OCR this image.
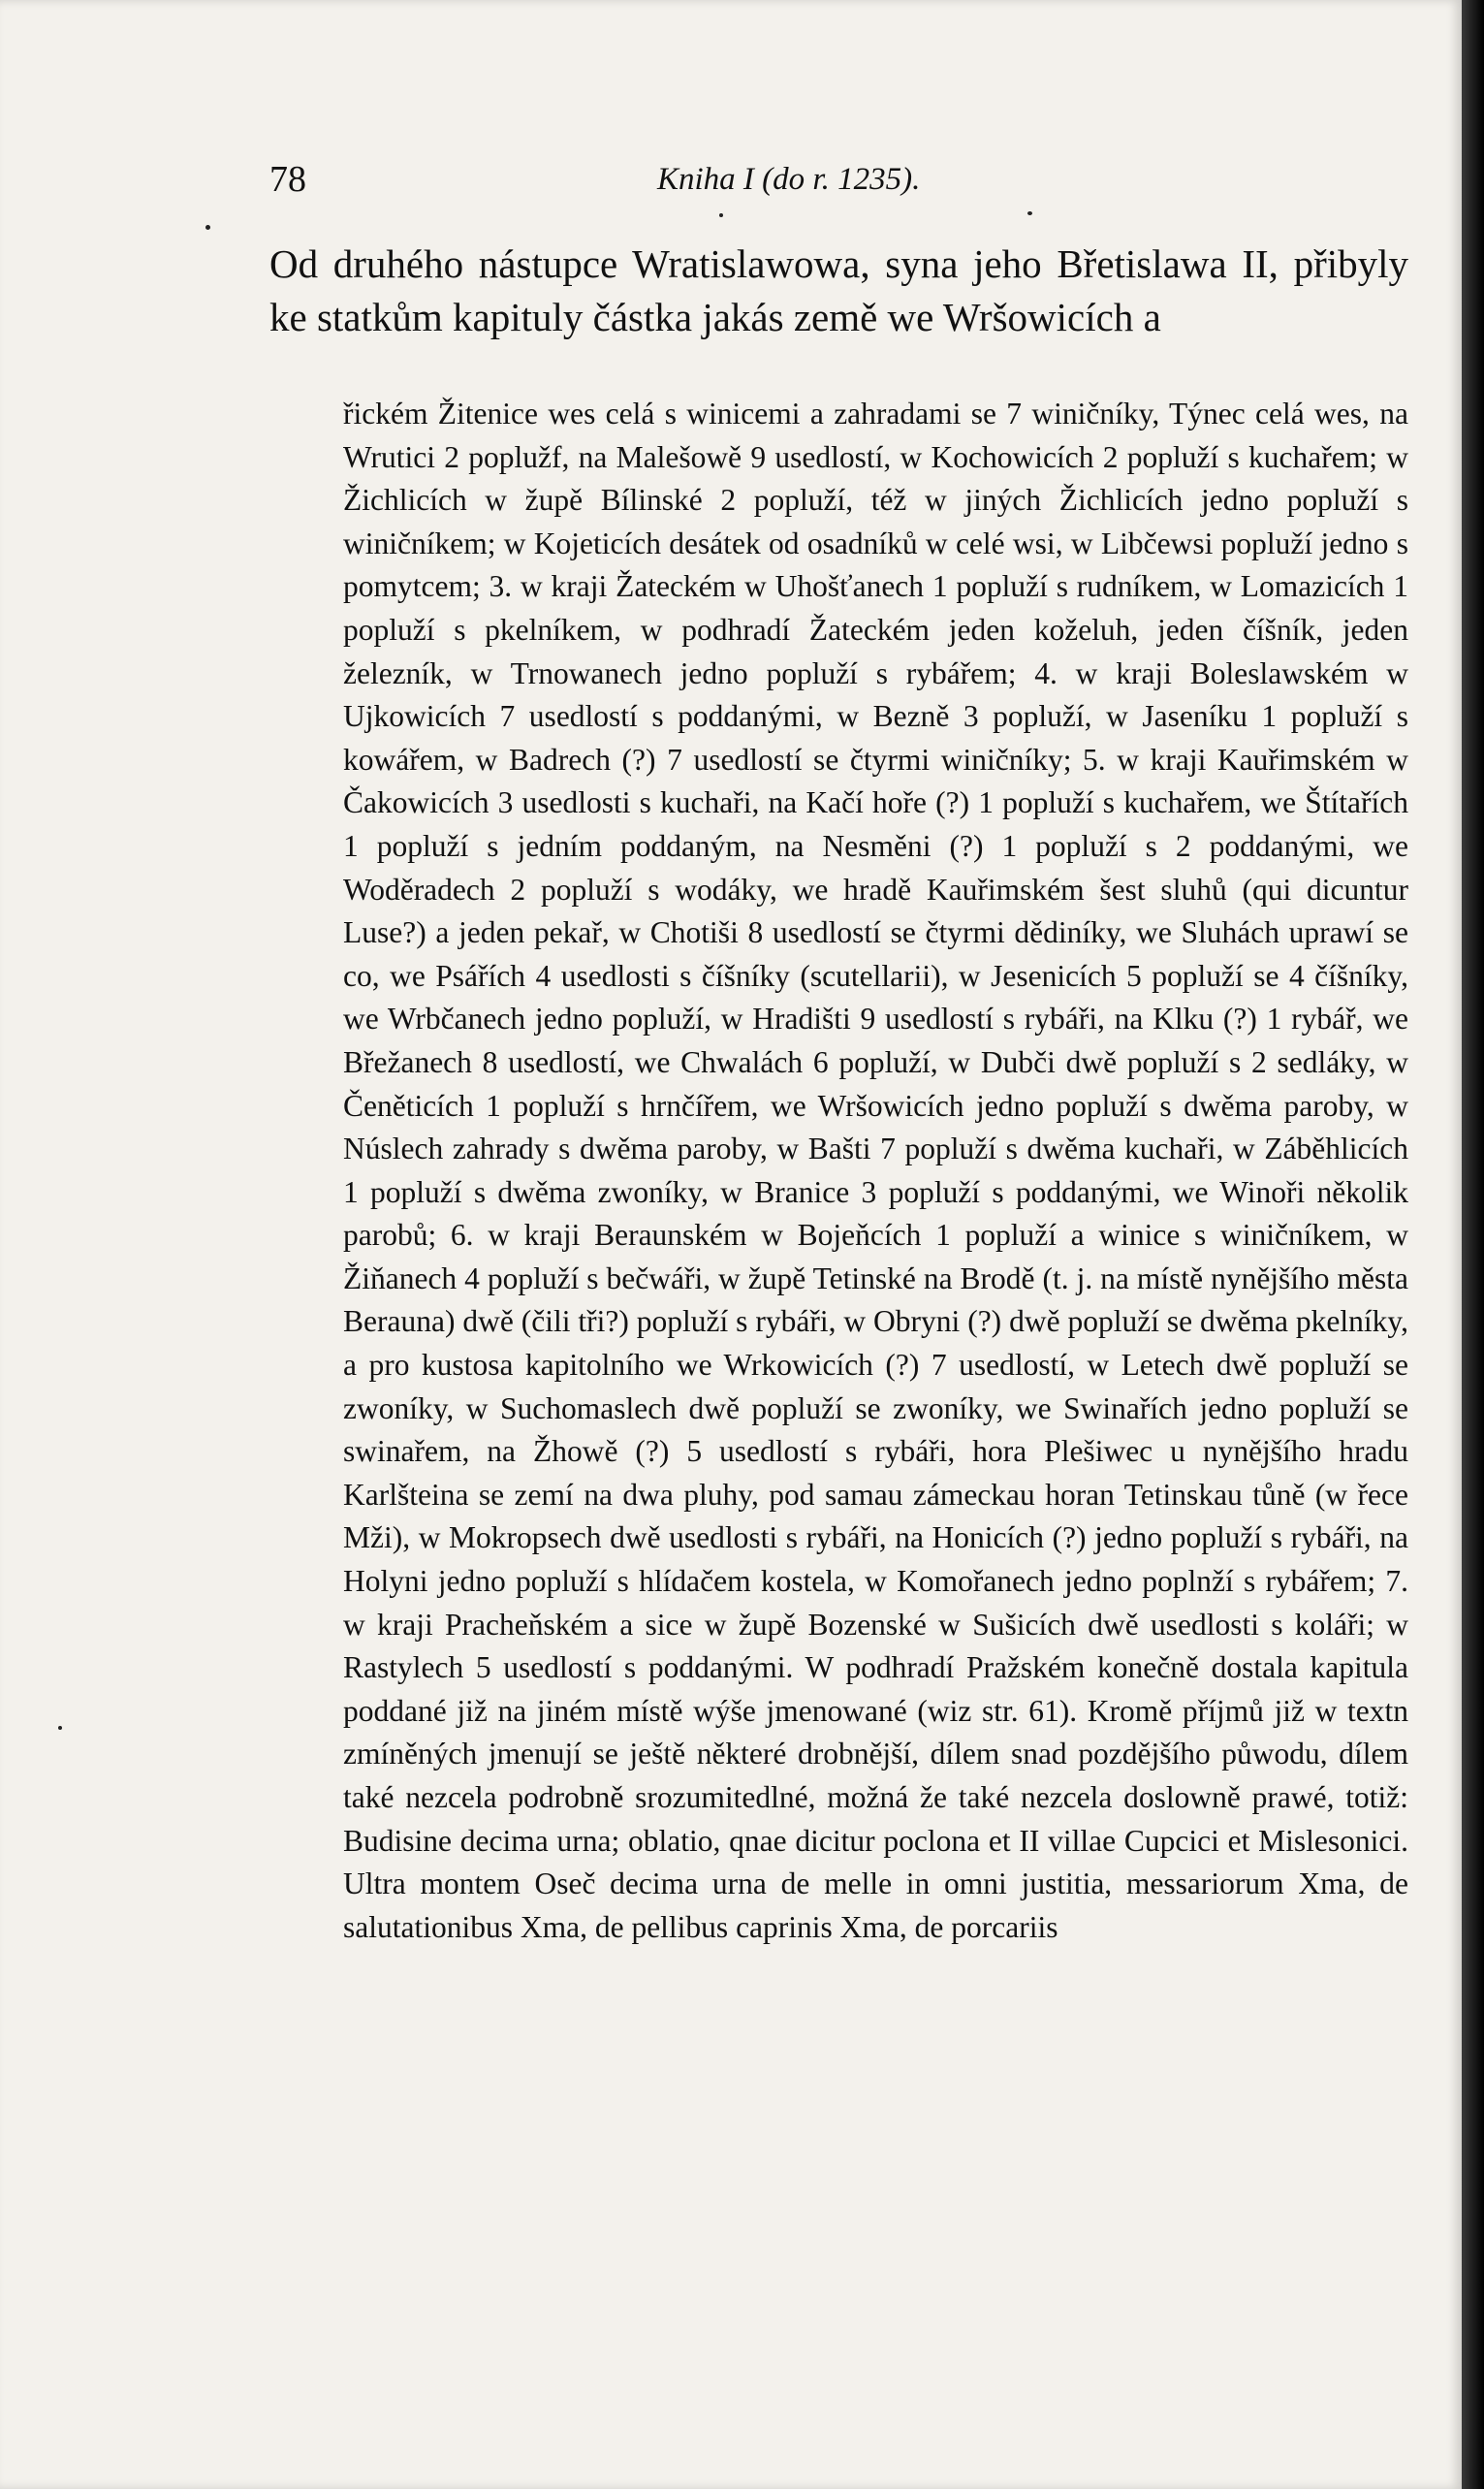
78	Kniha I (do r. 1235).

Od druhého nástupce Wratislawowa, syna jeho Břetislawa II, přibyly ke statkům kapituly částka jakás země we Wršowicích a

řickém Žitenice wes celá s winicemi a zahradami se 7 winičníky, Týnec celá wes, na Wrutici 2 poplužf, na Malešowě 9 usedlostí, w Kochowicích 2 popluží s kuchařem; w Žichlicích w župě Bílinské 2 popluží, též w jiných Žichlicích jedno popluží s winičníkem; w Kojeticích desátek od osadníků w celé wsi, w Libčewsi popluží jedno s pomytcem; 3. w kraji Žateckém w Uhošťanech 1 popluží s rudníkem, w Lomazicích 1 popluží s pkelníkem, w podhradí Žateckém jeden koželuh, jeden číšník, jeden železník, w Trnowanech jedno popluží s rybářem; 4. w kraji Boleslawském w Ujkowicích 7 usedlostí s poddanými, w Bezně 3 popluží, w Jaseníku 1 popluží s kowářem, w Badrech (?) 7 usedlostí se čtyrmi winičníky; 5. w kraji Kauřimském w Čakowicích 3 usedlosti s kuchaři, na Kačí hoře (?) 1 popluží s kuchařem, we Štítařích 1 popluží s jedním poddaným, na Nesměni (?) 1 popluží s 2 poddanými, we Woděradech 2 popluží s wodáky, we hradě Kauřimském šest sluhů (qui dicuntur Luse?) a jeden pekař, w Chotiši 8 usedlostí se čtyrmi dědiníky, we Sluhách uprawí se co, we Psářích 4 usedlosti s číšníky (scutellarii), w Jesenicích 5 popluží se 4 číšníky, we Wrbčanech jedno popluží, w Hradišti 9 usedlostí s rybáři, na Klku (?) 1 rybář, we Břežanech 8 usedlostí, we Chwalách 6 popluží, w Dubči dwě popluží s 2 sedláky, w Čeněticích 1 popluží s hrnčířem, we Wršowicích jedno popluží s dwěma paroby, w Núslech zahrady s dwěma paroby, w Bašti 7 popluží s dwěma kuchaři, w Záběhlicích 1 popluží s dwěma zwoníky, w Branice 3 popluží s poddanými, we Winoři několik parobů; 6. w kraji Beraunském w Bojeňcích 1 popluží a winice s winičníkem, w Žiňanech 4 popluží s bečwáři, w župě Tetinské na Brodě (t. j. na místě nynějšího města Berauna) dwě (čili tři?) popluží s rybáři, w Obryni (?) dwě popluží se dwěma pkelníky, a pro kustosa kapitolního we Wrkowicích (?) 7 usedlostí, w Letech dwě popluží se zwoníky, w Suchomaslech dwě popluží se zwoníky, we Swinařích jedno popluží se swinařem, na Žhowě (?) 5 usedlostí s rybáři, hora Plešiwec u nynějšího hradu Karlšteina se zemí na dwa pluhy, pod samau zámeckau horan Tetinskau tůně (w řece Mži), w Mokropsech dwě usedlosti s rybáři, na Honicích (?) jedno popluží s rybáři, na Holyni jedno popluží s hlídačem kostela, w Komořanech jedno poplnží s rybářem; 7. w kraji Pracheňském a sice w župě Bozenské w Sušicích dwě usedlosti s koláři; w Rastylech 5 usedlostí s poddanými. W podhradí Pražském konečně dostala kapitula poddané již na jiném místě wýše jmenowané (wiz str. 61). Kromě příjmů již w textn zmíněných jmenují se ještě některé drobnější, dílem snad pozdějšího půwodu, dílem také nezcela podrobně srozumitedlné, možná že také nezcela doslowně prawé, totiž: Budisine decima urna; oblatio, qnae dicitur poclona et II villae Cupcici et Mislesonici. Ultra montem Oseč decima urna de melle in omni justitia, messariorum Xma, de salutationibus Xma, de pellibus caprinis Xma, de porcariis
